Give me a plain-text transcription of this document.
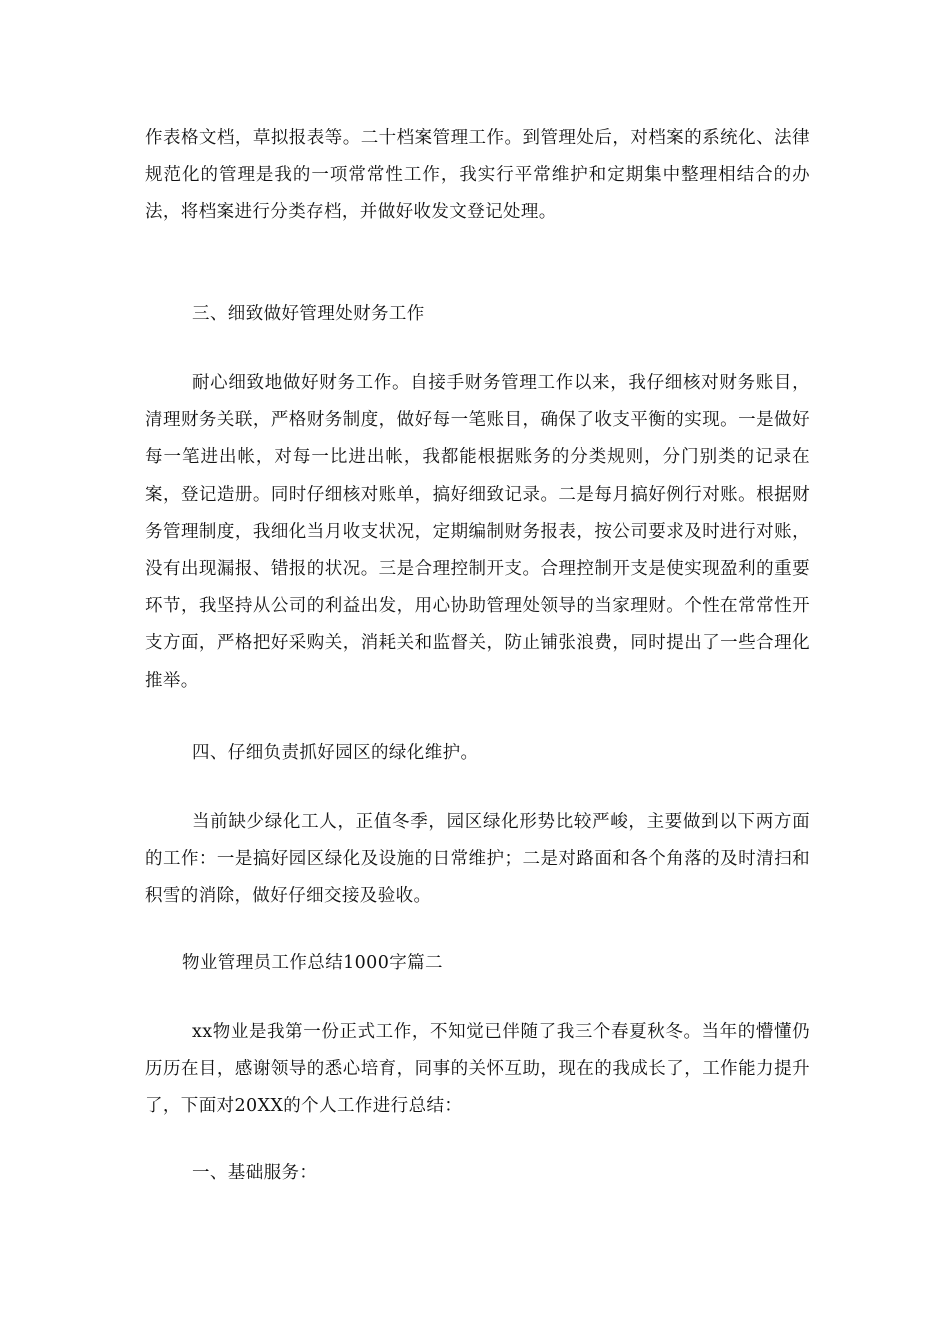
作表格文档，草拟报表等。二十档案管理工作。到管理处后，对档案的系统化、法律规范化的管理是我的一项常常性工作，我实行平常维护和定期集中整理相结合的办法，将档案进行分类存档，并做好收发文登记处理。

三、细致做好管理处财务工作

耐心细致地做好财务工作。自接手财务管理工作以来，我仔细核对财务账目，清理财务关联，严格财务制度，做好每一笔账目，确保了收支平衡的实现。一是做好每一笔进出帐，对每一比进出帐，我都能根据账务的分类规则，分门别类的记录在案，登记造册。同时仔细核对账单，搞好细致记录。二是每月搞好例行对账。根据财务管理制度，我细化当月收支状况，定期编制财务报表，按公司要求及时进行对账，没有出现漏报、错报的状况。三是合理控制开支。合理控制开支是使实现盈利的重要环节，我坚持从公司的利益出发，用心协助管理处领导的当家理财。个性在常常性开支方面，严格把好采购关，消耗关和监督关，防止铺张浪费，同时提出了一些合理化推举。

四、仔细负责抓好园区的绿化维护。

当前缺少绿化工人，正值冬季，园区绿化形势比较严峻，主要做到以下两方面的工作：一是搞好园区绿化及设施的日常维护；二是对路面和各个角落的及时清扫和积雪的消除，做好仔细交接及验收。

物业管理员工作总结1000字篇二

xx物业是我第一份正式工作，不知觉已伴随了我三个春夏秋冬。当年的懵懂仍历历在目，感谢领导的悉心培育，同事的关怀互助，现在的我成长了，工作能力提升了，下面对20XX的个人工作进行总结：

一、基础服务：
